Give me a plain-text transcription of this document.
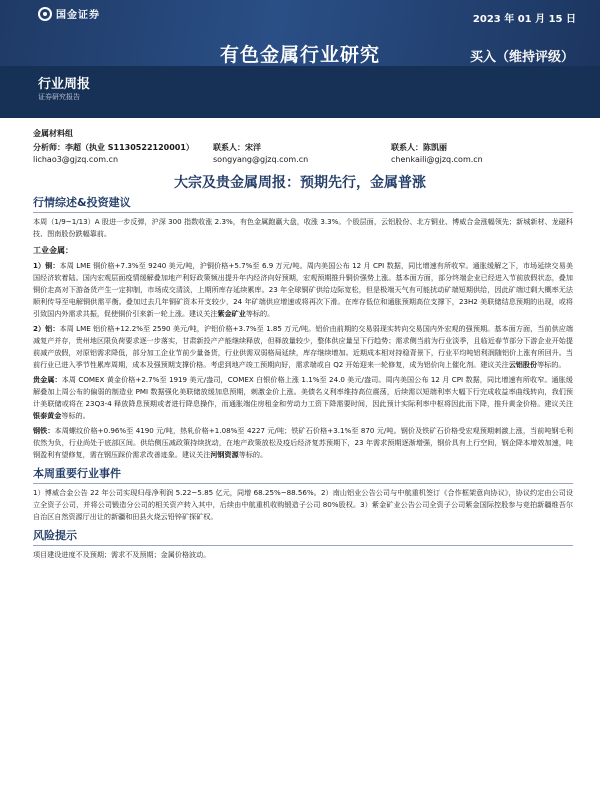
国金证券	2023 年 01 月 15 日
有色金属行业研究	买入（维持评级）
行业周报
证券研究报告
金属材料组
分析师：李超（执业 S1130522120001）
lichao3@gjzq.com.cn
联系人：宋洋
songyang@gjzq.com.cn
联系人：陈凯丽
chenkaili@gjzq.com.cn
大宗及贵金属周报：预期先行，金属普涨
行情综述&投资建议
本周（1/9~1/13）A 股进一步反弹，沪深 300 指数收涨 2.3%，有色金属跑赢大盘，收涨 3.3%。个股层面，云铝股份、北方铜业、博威合金涨幅领先；新城新材、龙磁科技、图南股份跌幅靠前。
工业金属：
1）铜：本周 LME 铜价格+7.3%至 9240 美元/吨，沪铜价格+5.7%至 6.9 万元/吨。周内美国公布 12 月 CPI 数据，同比增速有所收窄。通胀缓解之下，市场延续交易美国经济软着陆。国内宏观层面疫情缓解叠加地产利好政策频出提升年内经济向好预期，宏观预期推升铜价强势上涨。基本面方面，部分终端企业已经进入节前放假状态，叠加铜价走高对下游备货产生一定抑制，市场成交清淡，上期所库存延续累库。23 年全球铜矿供给边际宽松，但是极端天气有可能扰动矿端短期供给，因此矿端过剩大概率无法顺利传导至电解铜供需平衡。叠加过去几年铜矿资本开支较少，24 年矿端供应增速或将再次下滑。在库存低位和通胀预期高位支撑下，23H2 美联储结息预期的出现，或将引致国内外需求共振，促使铜价引来新一轮上涨。建议关注紫金矿业等标的。
2）铝：本周 LME 铝价格+12.2%至 2590 美元/吨，沪铝价格+3.7%至 1.85 万元/吨。铝价由前期的交易弱现实转向交易国内外宏观的强预期。基本面方面，当前供应端减复产并存，贵州地区限负荷要求逐一步落实，甘肃新投产产能继续释放，但释放量较少，整体供应量呈下行趋势；需求侧当前为行业淡季，且临近春节部分下游企业开始提前减产放假，对原铝需求降低，部分加工企业节前少量备货，行业供需双弱格局延续，库存继续增加。近期成本相对持稳背景下，行业平均吨铝利润随铝价上涨有所回升。当前行业已进入季节性累库周期，成本及强预期支撑价格。考虑到地产竣工预期向好，需求端或自 Q2 开始迎来一轮修复，成为铝价向上催化剂。建议关注云铝股份等标的。
贵金属：本周 COMEX 黄金价格+2.7%至 1919 美元/盎司，COMEX 白银价格上涨 1.1%至 24.0 美元/盎司。周内美国公布 12 月 CPI 数据，同比增速有所收窄。通胀缓解叠加上周公布的偏弱的制造业 PMI 数据强化美联储放缓加息预期，刺激金价上涨。美债名义利率维持高位震荡，后续需以短端利率大幅下行完成收益率曲线转向，我们预计美联储或将在 23Q3-4 释放降息预期或者进行降息操作，而通胀端住房租金和劳动力工资下降需要时间，因此预计实际利率中枢将因此而下降，推升黄金价格。建议关注银泰黄金等标的。
钢铁：本周螺纹价格+0.96%至 4190 元/吨，热轧价格+1.08%至 4227 元/吨；铁矿石价格+3.1%至 870 元/吨。钢价及铁矿石价格受宏观预期刺激上涨，当前吨钢毛利依然为负，行业尚处于底部区间。供给侧压减政策持续扰动，在地产政策放松及疫后经济复苏预期下，23 年需求预期逐渐增强，钢价具有上行空间，钢企降本增效加速，吨钢盈利有望修复，需在钢压踩价需求改善迹象。建议关注河钢资源等标的。
本周重要行业事件
1）博威合金公告 22 年公司实现归母净利润 5.22~5.85 亿元，同增 68.25%~88.56%。2）南山铝业公告公司与中航重机签订《合作框架意向协议》，协议约定由公司设立全资子公司，并将公司锻造分公司的相关资产转入其中，后续由中航重机收购锻造子公司 80%股权。3）紫金矿业公告公司全资子公司紫金国际控股参与竞拍新疆维吾尔自治区自然资源厅出让的新疆和田县火烧云铅锌矿探矿权。
风险提示
项目建设进度不及预期；需求不及预期；金属价格波动。
